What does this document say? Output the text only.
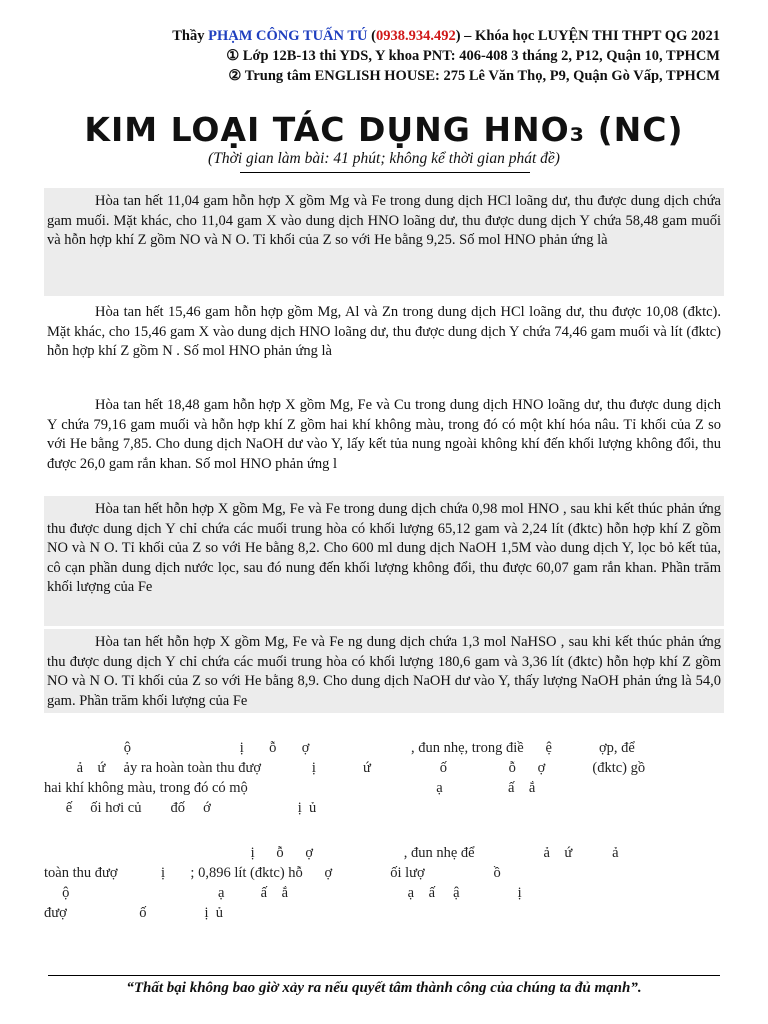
Thầy PHẠM CÔNG TUẤN TÚ (0938.934.492) – Khóa học LUYỆN THI THPT QG 2021
① Lớp 12B-13 thi YDS, Y khoa PNT: 406-408 3 tháng 2, P12, Quận 10, TPHCM
② Trung tâm ENGLISH HOUSE: 275 Lê Văn Thọ, P9, Quận Gò Vấp, TPHCM
KIM LOẠI TÁC DỤNG HNO₃ (NC)
(Thời gian làm bài: 41 phút; không kể thời gian phát đề)
Hòa tan hết 11,04 gam hỗn hợp X gồm Mg và Fe trong dung dịch HCl loãng dư, thu được dung dịch chứa gam muối. Mặt khác, cho 11,04 gam X vào dung dịch HNO loãng dư, thu được dung dịch Y chứa 58,48 gam muối và hỗn hợp khí Z gồm NO và N O. Tỉ khối của Z so với He bằng 9,25. Số mol HNO phản ứng là
Hòa tan hết 15,46 gam hỗn hợp gồm Mg, Al và Zn trong dung dịch HCl loãng dư, thu được 10,08 (đktc). Mặt khác, cho 15,46 gam X vào dung dịch HNO loãng dư, thu được dung dịch Y chứa 74,46 gam muối và lít (đktc) hỗn hợp khí Z gồm N . Số mol HNO phản ứng là
Hòa tan hết 18,48 gam hỗn hợp X gồm Mg, Fe và Cu trong dung dịch HNO loãng dư, thu được dung dịch Y chứa 79,16 gam muối và hỗn hợp khí Z gồm hai khí không màu, trong đó có một khí hóa nâu. Tỉ khối của Z so với He bằng 7,85. Cho dung dịch NaOH dư vào Y, lấy kết tủa nung ngoài không khí đến khối lượng không đổi, thu được 26,0 gam rắn khan. Số mol HNO phản ứng l
Hòa tan hết hỗn hợp X gồm Mg, Fe và Fe trong dung dịch chứa 0,98 mol HNO , sau khi kết thúc phản ứng thu được dung dịch Y chỉ chứa các muối trung hòa có khối lượng 65,12 gam và 2,24 lít (đktc) hỗn hợp khí Z gồm NO và N O. Tỉ khối của Z so với He bằng 8,2. Cho 600 ml dung dịch NaOH 1,5M vào dung dịch Y, lọc bỏ kết tủa, cô cạn phần dung dịch nước lọc, sau đó nung đến khối lượng không đổi, thu được 60,07 gam rắn khan. Phần trăm khối lượng của Fe
Hòa tan hết hỗn hợp X gồm Mg, Fe và Fe ng dung dịch chứa 1,3 mol NaHSO , sau khi kết thúc phản ứng thu được dung dịch Y chỉ chứa các muối trung hòa có khối lượng 180,6 gam và 3,36 lít (đktc) hỗn hợp khí Z gồm NO và N O. Tỉ khối của Z so với He bằng 8,9. Cho dung dịch NaOH dư vào Y, thấy lượng NaOH phản ứng là 54,0 gam. Phần trăm khối lượng của Fe
ộ                              ị       ỗ       ợ                            , đun nhẹ, trong điề      ệ             ợp, để
ả    ứ     ảy ra hoàn toàn thu đượ              ị             ứ                   ố                 ỗ      ợ             (đktc) gồ
hai khí không màu, trong đó có mộ                                                    ạ                  ấ    ắ
ế     ối hơi củ        đố     ớ                        ị  ủ
ị      ỗ      ợ                         , đun nhẹ để                   ả    ứ           ả
toàn thu đượ            ị       ; 0,896 lít (đktc) hỗ      ợ                ối lượ                   ồ
ộ                                         ạ          ấ    ắ                                 ạ    ấ     ậ                ị
đượ                    ố                ị  ủ
“Thất bại không bao giờ xảy ra nếu quyết tâm thành công của chúng ta đủ mạnh”.
